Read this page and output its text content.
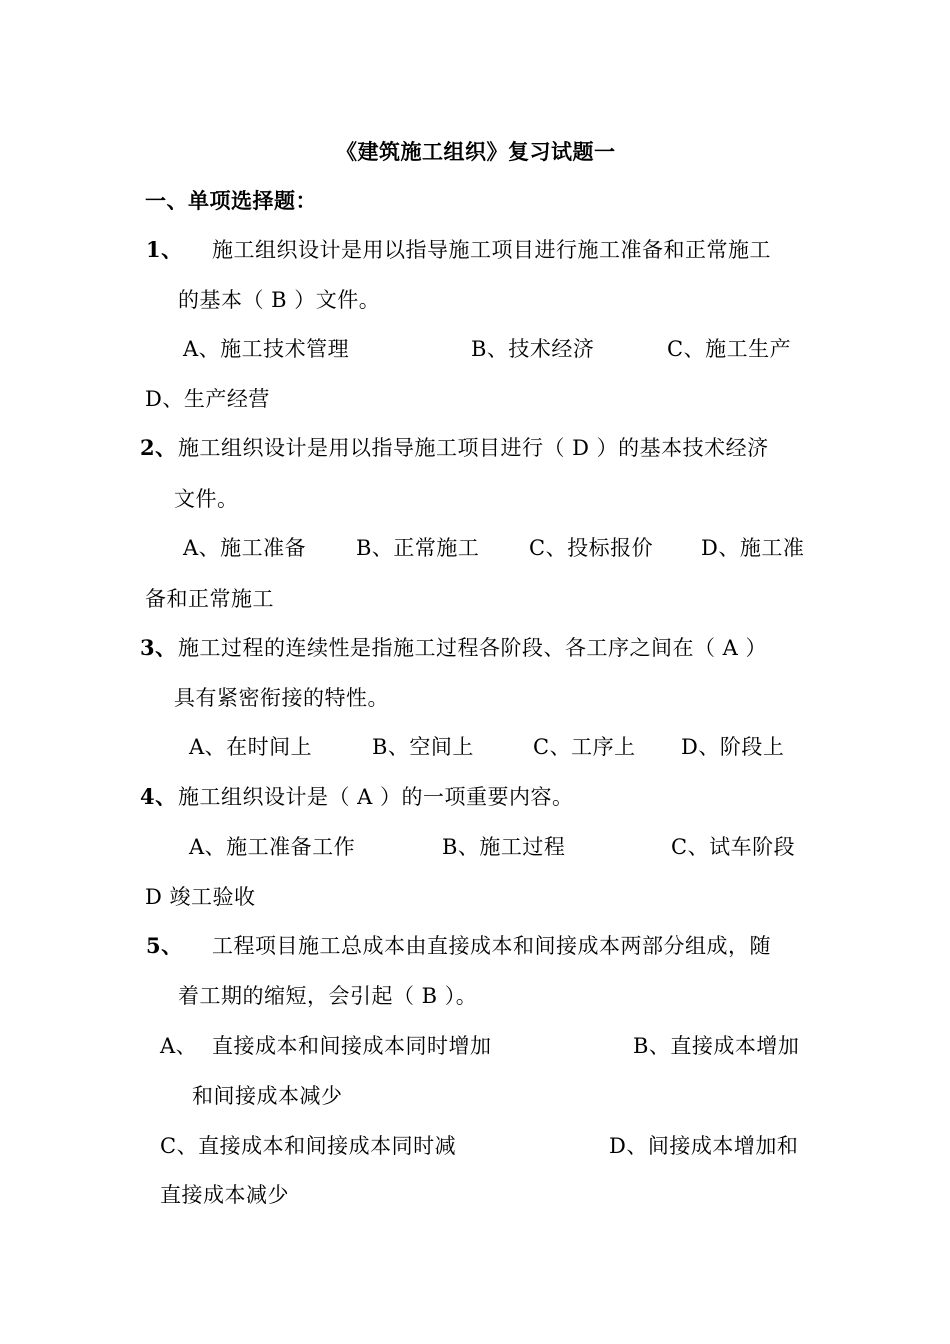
《建筑施工组织》复习试题一
一、单项选择题：
1、 施工组织设计是用以指导施工项目进行施工准备和正常施工
的基本（ B ）文件。
A、施工技术管理	B、技术经济	C、施工生产
D、生产经营
2、 施工组织设计是用以指导施工项目进行（ D ）的基本技术经济
文件。
A、施工准备 B、正常施工 C、投标报价 D、施工准
备和正常施工
3、 施工过程的连续性是指施工过程各阶段、各工序之间在（ A ）
具有紧密衔接的特性。
A、在时间上	B、空间上	C、工序上 D、阶段上
4、 施工组织设计是（ A ）的一项重要内容。
A、施工准备工作	B、施工过程	C、试车阶段
D 竣工验收
5、 工程项目施工总成本由直接成本和间接成本两部分组成，随
着工期的缩短，会引起（ B ）。
A、 直接成本和间接成本同时增加	B、直接成本增加
和间接成本减少
C、直接成本和间接成本同时减	D、间接成本增加和
直接成本减少
